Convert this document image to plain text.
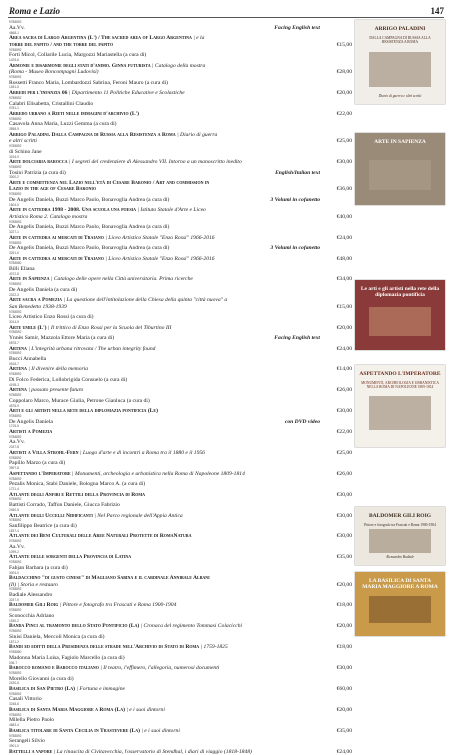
Roma e Lazio	147
9788892
Aa.Vv.	Facing English text
4668-1
Area sacra di Largo Argentina (L') / The sacred area of Largo Argentina | e la
torre del papito / and the torre del papito	€15,00
9788892
Forti Micol, Collarile Lucia, Margozzi Mariastella (a cura di)
1425-6
Armonie e disarmonie degli stati d'animo. Ginna futurista | Catalogo della mostra
(Roma - Museo Boncompagni Ludovisi)	€28,00
9788892
Rossetti Franco Maria, Lombardozzi Sabrina, Feroni Mauro (a cura di)
1451-5
Arredi per l'infanzia 06 | Dipartimento 11 Politiche Educative e Scolastiche	€20,00
9788892
Calabri Elisabetta, Cristallini Claudio
0781-1
Arredo urbano a Rieti nelle immagini d'archivio (L')	€22,00
9788892
Casavola Anna Maria, Luzzi Gemma (a cura di)
3558-9
Arrigo Paladini. Dalla Campagna di Russia alla Resistenza a Roma | Diario di guerra
e altri scritti	€25,00
9788892
di Schino Jane
3194-9
Arte dolciaria barocca | I segreti del credenziere di Alessandro VII. Intorno a un manoscritto inedito	€30,00
9788892
Tosini Patrizia (a cura di)	English/Italian text
3000-2
Arte e committenza nel Lazio nell'età di Cesare Baronio / Art and commission in
Lazio in the age of Cesare Baronio	€36,00
9788892
De Angelis Daniela, Buzzi Marco Paolo, Bonavoglia Andrea (a cura di)	3 Volumi in cofanetto
1604-0
Arte in cattedra 1998 - 2008. Una scuola una poesia | Istituto Statale d'Arte e Liceo
Artistico Roma 2. Catalogo mostra	€40,00
9788892
De Angelis Daniela, Buzzi Marco Paolo, Bonavoglia Andrea (a cura di)
3227-1
Arte in cattedra ai mercati di Traiano | Liceo Artistico Statale "Enzo Rossi" 1966-2016	€24,00
9788892
De Angelis Daniela, Buzzi Marco Paolo, Bonavoglia Andrea (a cura di)	3 Volumi in cofanetto
3251-6
Arte in cattedra ai mercati di Traiano | Liceo Artistico Statale "Enzo Rossi" 1966-2016	€48,00
9788880
Billi Eliana
4072-8
Arte in Sapienza | Catalogo delle opere nella Città universitaria. Prima ricerche	€34,00
9788892
De Angelis Daniela (a cura di)
2022-3
Arte sacra a Pomezia | La questione dell'intitolazione della Chiesa della quinta "città nuova" a
San Benedetto 1938-1939	€15,00
9788892
Liceo Artistico Enzo Rossi (a cura di)
3014-9
Arte umile (L') | Il trittico di Enzo Rossi per la Scuola del Tiburtino III	€20,00
9788892
Ynnès Samir, Mazzola Ettore Maria (a cura di)	Facing English text
0878-7
Artena | L'integrità urbana ritrovata / The urban integrity found	€24,00
9788892
Bucci Annabella
0518-7
Artena | Il divenire della memoria	€14,00
9788892
Di Folco Federica, Lollobrigida Consuelo (a cura di)
4198-3
Artena | passato presente futuro	€26,00
9788892
Coppolaro Marco, Murace Giulia, Petrone Gianluca (a cura di)
4576-9
Arti e gli artisti nella rete della diplomazia pontificia (Le)	€30,00
9788892
De Angelis Daniela	con DVD video
1715-5
Artisti a Pomezia	€22,00
9788892
Aa.Vv.
2337-8
Artisti a Villa Strohl-Fern | Luogo d'arte e di incontri a Roma tra il 1880 e il 1956	€25,00
9788892
Papillo Marzo (a cura di)
3997-8
Aspettando l'Imperatore | Monumenti, archeologia e urbanistica nella Roma di Napoleone 1809-1814	€26,00
9788892
Pezalis Monica, Stabi Daniele, Bologna Marco A. (a cura di)
1721-4
Atlante degli Anfibi e Rettili della Provincia di Roma	€30,00
9788892
Battisti Corrado, Taffon Daniele, Giucca Fabrizio
2450-5
Atlante degli Uccelli Nidificanti | Nel Parco regionale dell'Appia Antica	€30,00
9788892
Sanfilippo Beatrice (a cura di)
1837-4
Atlante dei Beni Culturali delle Aree Naturali Protette di RomaNatura	€30,00
9788892
Aa.Vv.
1099-2
Atlante delle sorgenti della Provincia di Latina	€35,00
9788892
Fabjan Barbara (a cura di)
3004-0
Baldacchino "di gusto cinese" di Magliano Sabina e il cardinale Annibale Albani
(Il) | Storia e restauro	€20,00
9788892
Badiale Alessandro
3247-9
Baldomer Gili Roig | Pittore e fotografo tra Frascati e Roma 1900-1904	€18,00
9788892
Sconocchia Adriano
1530-2
Banda Pinci al tramonto dello Stato Pontificio (La) | Cronaca del regimento Tommasi Colacicchi	€20,00
9788892
Sinisi Daniela, Meccoli Monica (a cura di)
1871-2
Bandi ed editti della Presidenza delle strade nell'Archivio di Stato di Roma | 1759-1825	€18,00
9788880
Madonna Maria Luisa, Fagiolo Marcello (a cura di)
006-7
Barocco romano e Barocco italiano | Il teatro, l'effimero, l'allegoria, numerosi documenti	€30,00
9788892
Morello Giovanni (a cura di)
2430-6
Basilica di San Pietro (La) | Fortuna e immagine	€60,00
9788892
Casali Vittorio
3248-6
Basilica di Santa Maria Maggiore a Roma (La) | e i suoi dintorni	€20,00
9788892
Milella Pietro Paolo
4683-4
Basilica titolare di Santa Cecilia in Trastevere (La) | e i suoi dintorni	€35,00
9788892
Serangeli Silvio
3901-0
Battelli a vapore | La rinascita di Civitavecchia, l'osservatorio di Stendhal, i diari di viaggio (1818-1848)	€24,00
ARRIGO PALADINI
DALLA CAMPAGNA DI RUSSIA ALLA RESISTENZA A ROMA
Diario di guerra e altri scritti
ARTE IN SAPIENZA
Le arti e gli artisti nella rete della diplomazia pontificia
ASPETTANDO L'IMPERATORE
MONUMENTI, ARCHEOLOGIA E URBANISTICA NELLA ROMA DI NAPOLEONE 1809-1814
BALDOMER GILI ROIG
Pittore e fotografo tra Frascati e Roma 1900-1904
Alessandro Badiale
LA BASILICA DI SANTA MARIA MAGGIORE A ROMA
